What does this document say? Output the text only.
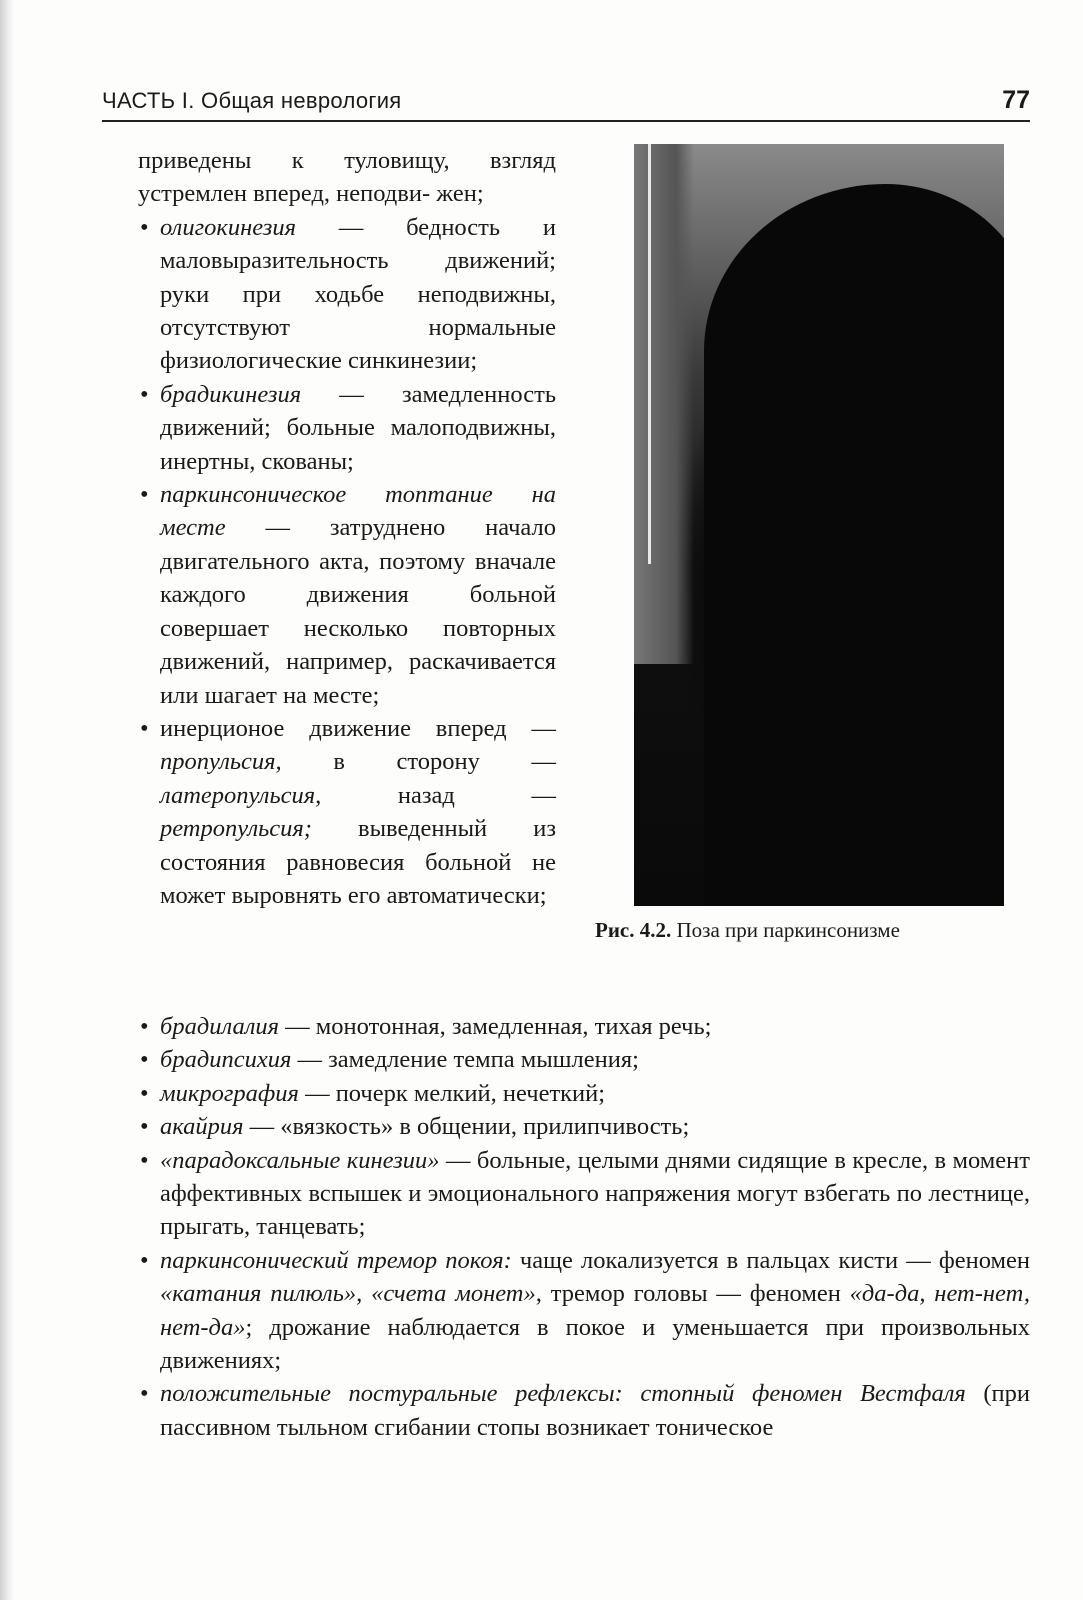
ЧАСТЬ I. Общая неврология	77
приведены к туловищу, взгляд устремлен вперед, неподви- жен;
• олигокинезия — бедность и маловыразительность движений; руки при ходьбе неподвижны, отсутствуют нормальные физиологические синкинезии;
• брадикинезия — замедленность движений; больные малоподвижны, инертны, скованы;
• паркинсоническое топтание на месте — затруднено начало двигательного акта, поэтому вначале каждого движения больной совершает несколько повторных движений, например, раскачивается или шагает на месте;
• инерционое движение вперед — пропульсия, в сторону — латеропульсия, назад — ретропульсия; выведенный из состояния равновесия больной не может выровнять его автоматически;
Рис. 4.2. Поза при паркинсонизме
• брадилалия — монотонная, замедленная, тихая речь;
• брадипсихия — замедление темпа мышления;
• микрография — почерк мелкий, нечеткий;
• акайрия — «вязкость» в общении, прилипчивость;
• «парадоксальные кинезии» — больные, целыми днями сидящие в кресле, в момент аффективных вспышек и эмоционального напряжения могут взбегать по лестнице, прыгать, танцевать;
• паркинсонический тремор покоя: чаще локализуется в пальцах кисти — феномен «катания пилюль», «счета монет», тремор головы — феномен «да-да, нет-нет, нет-да»; дрожание наблюдается в покое и уменьшается при произвольных движениях;
• положительные постуральные рефлексы: стопный феномен Вестфаля (при пассивном тыльном сгибании стопы возникает тоническое
